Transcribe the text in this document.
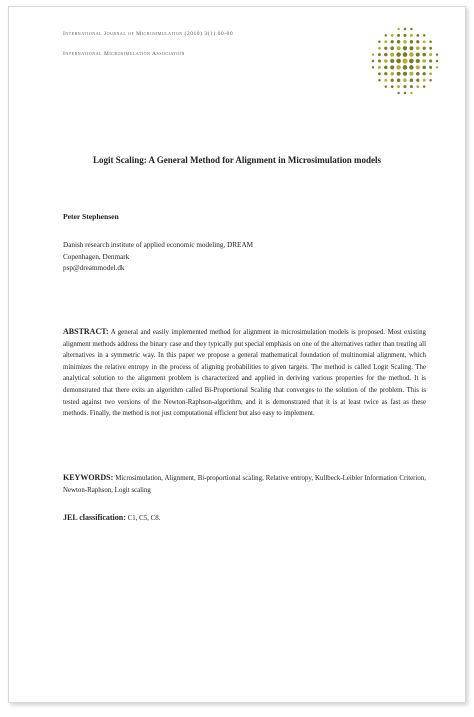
International Journal of Microsimulation (2010) 3(1) 00-00
International Microsimulation Association
Logit Scaling: A General Method for Alignment in Microsimulation models
Peter Stephensen
Danish research institute of applied economic modeling, DREAM
Copenhagen, Denmark
psp@dreammodel.dk
ABSTRACT: A general and easily implemented method for alignment in microsimulation models is proposed. Most existing alignment methods address the binary case and they typically put special emphasis on one of the alternatives rather than treating all alternatives in a symmetric way. In this paper we propose a general mathematical foundation of multinomial alignment, which minimizes the relative entropy in the process of aligning probabilities to given targets. The method is called Logit Scaling. The analytical solution to the alignment problem is characterized and applied in deriving various properties for the method. It is demonstrated that there exits an algorithm called Bi-Proportional Scaling that converges to the solution of the problem. This is tested against two versions of the Newton-Raphson-algorithm, and it is demonstrated that it is at least twice as fast as these methods. Finally, the method is not just computational efficient but also easy to implement.
KEYWORDS: Microsimulation, Alignment, Bi-proportional scaling, Relative entropy, Kullbeck-Leibler Information Criterion, Newton-Raphson, Logit scaling
JEL classification: C1, C5, C8.
